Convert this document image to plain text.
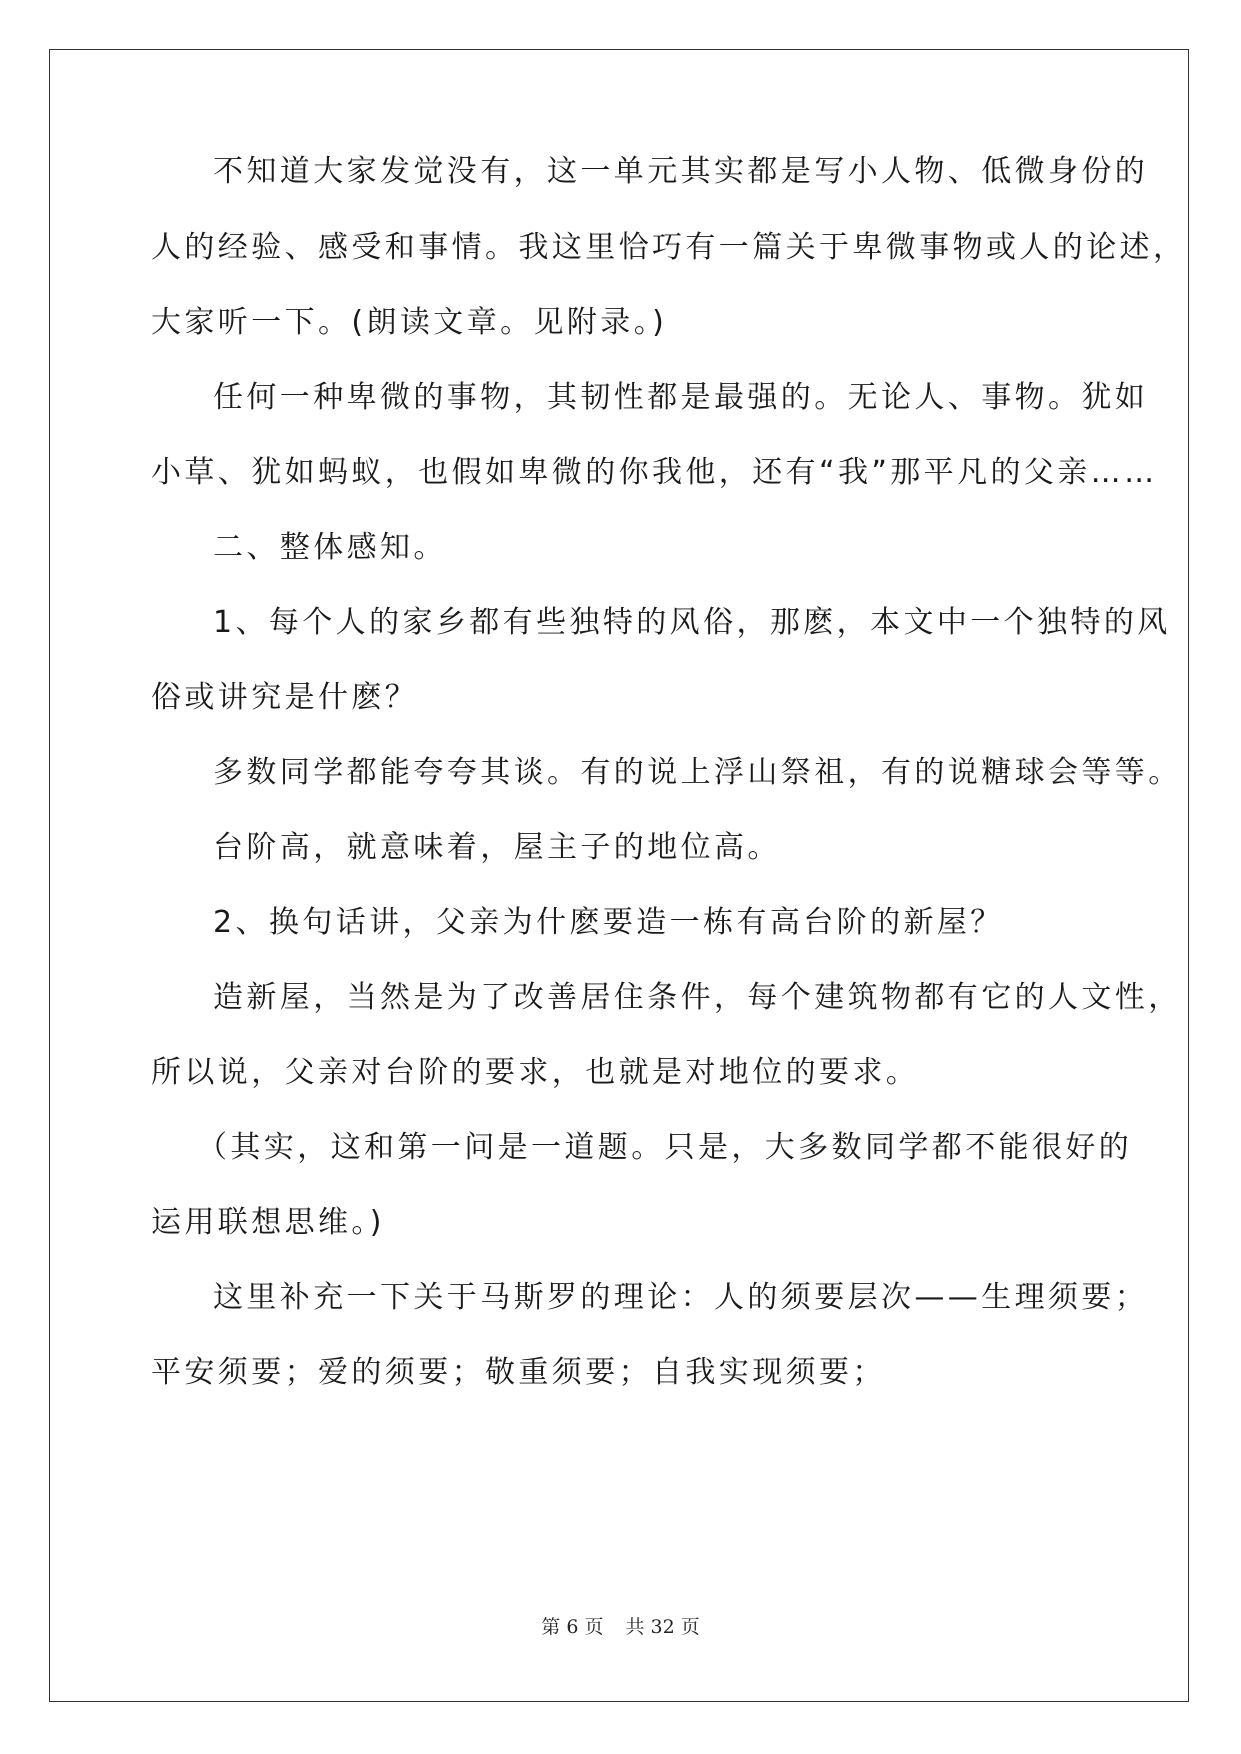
不知道大家发觉没有，这一单元其实都是写小人物、低微身份的
人的经验、感受和事情。我这里恰巧有一篇关于卑微事物或人的论述，
大家听一下。(朗读文章。见附录。)
任何一种卑微的事物，其韧性都是最强的。无论人、事物。犹如
小草、犹如蚂蚁，也假如卑微的你我他，还有“我”那平凡的父亲……
二、整体感知。
1、每个人的家乡都有些独特的风俗，那麽，本文中一个独特的风
俗或讲究是什麽？
多数同学都能夸夸其谈。有的说上浮山祭祖，有的说糖球会等等。
台阶高，就意味着，屋主子的地位高。
2、换句话讲，父亲为什麽要造一栋有高台阶的新屋？
造新屋，当然是为了改善居住条件，每个建筑物都有它的人文性，
所以说，父亲对台阶的要求，也就是对地位的要求。
（其实，这和第一问是一道题。只是，大多数同学都不能很好的
运用联想思维。)
这里补充一下关于马斯罗的理论：人的须要层次——生理须要；
平安须要；爱的须要；敬重须要；自我实现须要；
第 6 页 共 32 页
